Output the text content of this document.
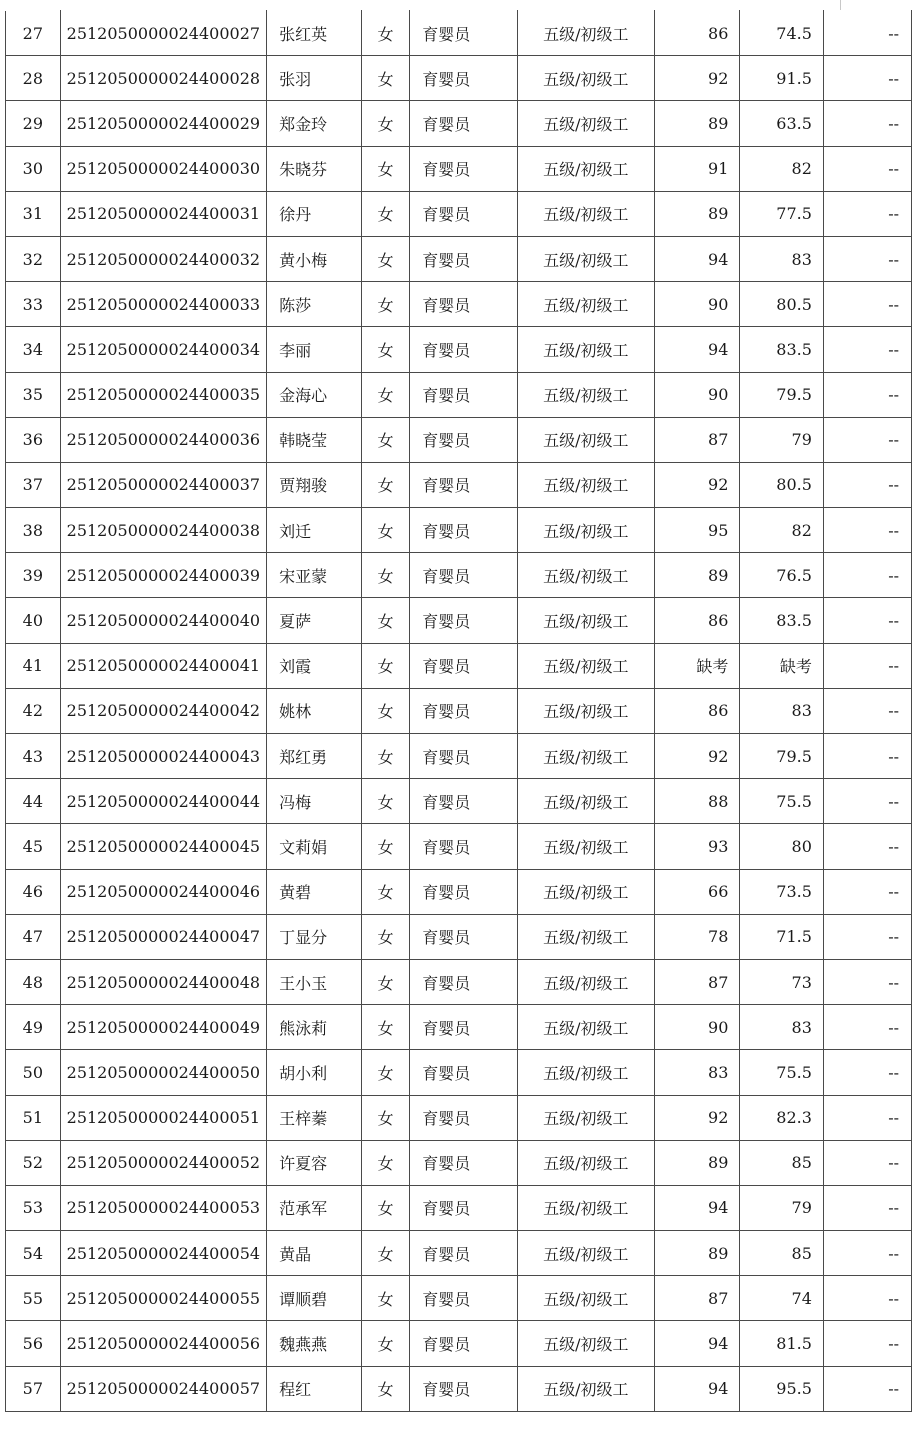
27	2512050000024400027	张红英	女	育婴员	五级/初级工	86	74.5	--
28	2512050000024400028	张羽	女	育婴员	五级/初级工	92	91.5	--
29	2512050000024400029	郑金玲	女	育婴员	五级/初级工	89	63.5	--
30	2512050000024400030	朱晓芬	女	育婴员	五级/初级工	91	82	--
31	2512050000024400031	徐丹	女	育婴员	五级/初级工	89	77.5	--
32	2512050000024400032	黄小梅	女	育婴员	五级/初级工	94	83	--
33	2512050000024400033	陈莎	女	育婴员	五级/初级工	90	80.5	--
34	2512050000024400034	李丽	女	育婴员	五级/初级工	94	83.5	--
35	2512050000024400035	金海心	女	育婴员	五级/初级工	90	79.5	--
36	2512050000024400036	韩晓莹	女	育婴员	五级/初级工	87	79	--
37	2512050000024400037	贾翔骏	女	育婴员	五级/初级工	92	80.5	--
38	2512050000024400038	刘迁	女	育婴员	五级/初级工	95	82	--
39	2512050000024400039	宋亚蒙	女	育婴员	五级/初级工	89	76.5	--
40	2512050000024400040	夏萨	女	育婴员	五级/初级工	86	83.5	--
41	2512050000024400041	刘霞	女	育婴员	五级/初级工	缺考	缺考	--
42	2512050000024400042	姚林	女	育婴员	五级/初级工	86	83	--
43	2512050000024400043	郑红勇	女	育婴员	五级/初级工	92	79.5	--
44	2512050000024400044	冯梅	女	育婴员	五级/初级工	88	75.5	--
45	2512050000024400045	文莉娟	女	育婴员	五级/初级工	93	80	--
46	2512050000024400046	黄碧	女	育婴员	五级/初级工	66	73.5	--
47	2512050000024400047	丁显分	女	育婴员	五级/初级工	78	71.5	--
48	2512050000024400048	王小玉	女	育婴员	五级/初级工	87	73	--
49	2512050000024400049	熊泳莉	女	育婴员	五级/初级工	90	83	--
50	2512050000024400050	胡小利	女	育婴员	五级/初级工	83	75.5	--
51	2512050000024400051	王梓蓁	女	育婴员	五级/初级工	92	82.3	--
52	2512050000024400052	许夏容	女	育婴员	五级/初级工	89	85	--
53	2512050000024400053	范承军	女	育婴员	五级/初级工	94	79	--
54	2512050000024400054	黄晶	女	育婴员	五级/初级工	89	85	--
55	2512050000024400055	谭顺碧	女	育婴员	五级/初级工	87	74	--
56	2512050000024400056	魏燕燕	女	育婴员	五级/初级工	94	81.5	--
57	2512050000024400057	程红	女	育婴员	五级/初级工	94	95.5	--
